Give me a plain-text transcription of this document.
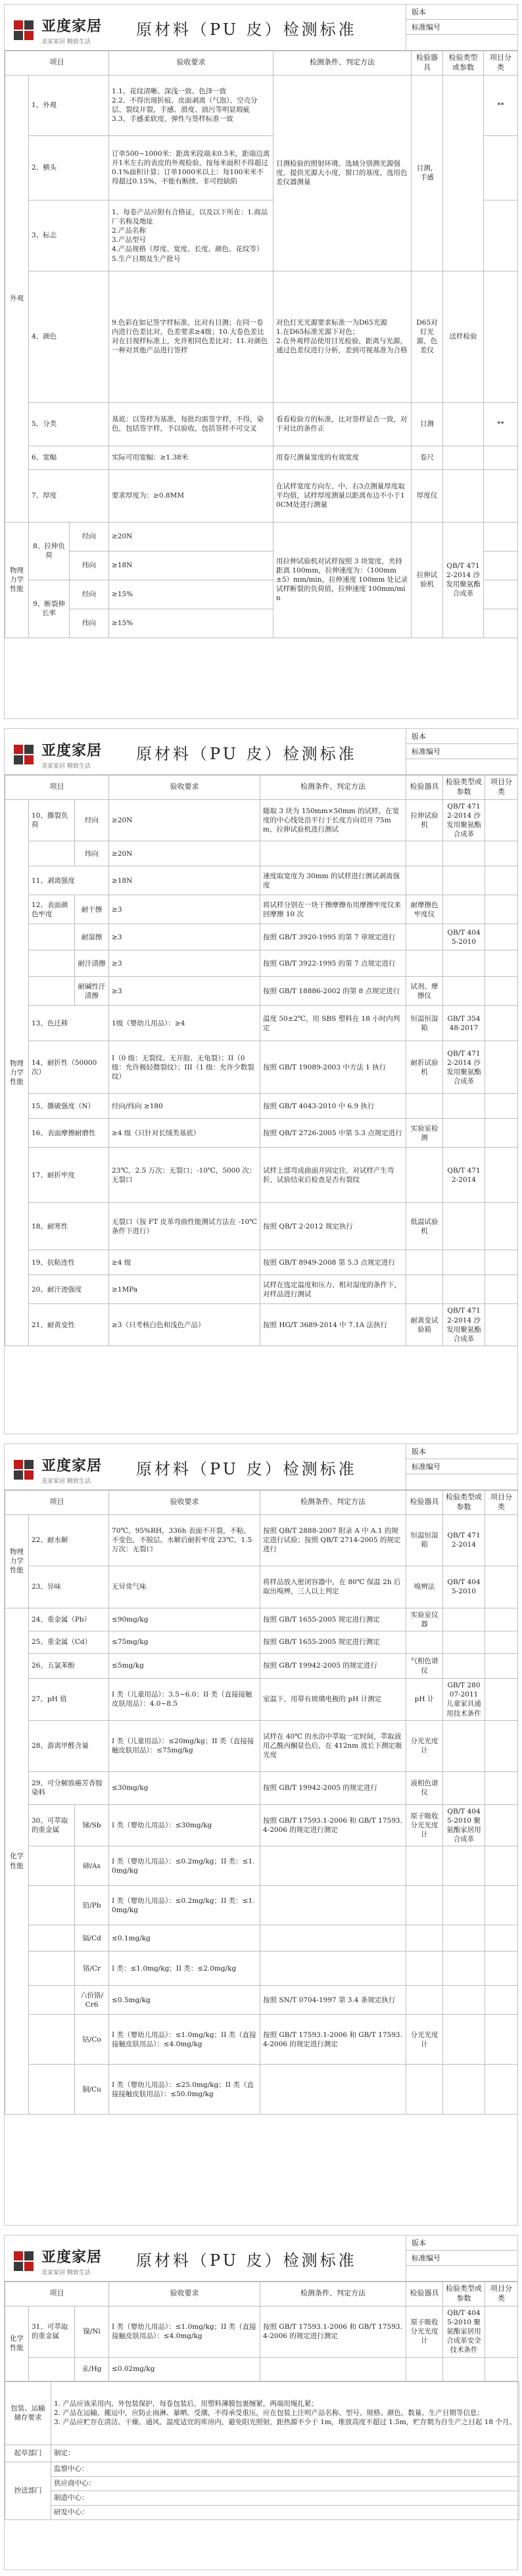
亚度家居
美家家居 精致生活
原材料（PU 皮）检测标准
版本
标准编号
项目			验收要求	检测条件、判定方法	检验器具	检验类型或参数	项目分类
外观	1、外观		1.1、花纹清晰、深浅一致、色泽一致
2.2、不得出现折痕、皮面剥离（气泡）、空壳分层、裂纹开裂，手感、滑度、油污等明显瑕疵
3.3、手感柔软度、弹性与签样标准一致	目测检验的照射环境，选域分别测光源强度，提供光源大小度，窗口的基度，选用色差仪器测量	目测，手感		**
	2、横头		订单500~1000米：距离米段端末0.5米，距端边离开1米左右的表皮的外观检验，按每米面积不得超过0.1%面积计算；订单1000米以上：每100米米不得超过0.15%，不能有断续、非可控缺陷				
	3、标志		1、每卷产品应附有合格证，以及以下所在：1.商品厂名称及地址
2.产品名称
3.产品型号
4.产品规格（厚度、宽度、长度、颜色、花纹等）
5.生产日期及生产批号				
	4、颜色		9.色彩在如记签字样标准，比对有目测；在同一卷内进行色差比对，色差要求≥4级；10.大卷色差比对在目视样标准上，允许相同色差比对；11.对颜色一种对其他产品进行签样	对色灯光光源要求标准一为D65光源
1.在D65标准光源下对色；
2.在外观样品使用目光检验，距离与光源，通过色差仪进行分析，差到可视基准为合格	D65对灯光源，色差仪	送样检验	
	5、分类		基底：以签样为基准，每批均需签字样，不得，染色，包括签字样，予以验收，包括签样不可交叉	看看检验方的标准，比对签样是否一致，对于对比的条件正	目测		**
	6、宽幅		实际可用宽幅：≥1.38米	用卷尺测量宽度的有效宽度	卷尺		
	7、厚度		要求厚度为：≥0.8MM	在试样宽度方向左、中、右3点测量厚度取平均值，试样厚度测量以距离布边不小于10CM处进行测量	厚度仪		
物理力学性能	8、拉伸负荷	经向	≥20N	用拉伸试验机对试样按照 3 块宽度，夹持距离 100mm，拉伸速度为：（100mm±5）mm/min，拉伸速度 100mm 处记录试样断裂的负荷值，拉伸速度 100mm/min	拉伸试验机	QB/T 4712-2014 沙发用聚氨酯合成革	
		纬向	≥18N				
	9、断裂伸长率	经向	≥15%				
		纬向	≥15%				
亚度家居
美家家居 精致生活
原材料（PU 皮）检测标准
版本
标准编号
项目			验收要求	检测条件、判定方法	检验器具	检验类型或参数	项目分类
物理力学性能	10、撕裂负荷	经向	≥20N	随取 3 块为 150mm×50mm 的试样，在宽度的中心线处沿平行于长度方向切开 75mm，拉伸试验机进行测试	拉伸试验机	QB/T 4712-2014 沙发用聚氨酯合成革	
		纬向	≥20N				
	11、剥离强度		≥18N	速度取宽度为 30mm 的试样进行测试剥离强度			
	12、表面颜色牢度	耐干擦	≥3	将试样分别在一块干擦摩擦布用摩擦牢度仪来回摩擦 10 次	耐摩擦色牢度仪		
		耐湿擦	≥3	按照 GB/T 3920-1995 的第 7 章规定进行		QB/T 4045-2010	
		耐汗渍擦	≥3	按照 GB/T 3922-1995 的第 7 点规定进行			
		耐碱性汗渍擦	≥3	按照 GB/T 18886-2002 的第 8 点规定进行	试剂、摩擦仪		
	13、色迁移		1级（婴幼儿用品）：≥4	温度 50±2℃，用 SBS 塑料在 18 小时内判定	恒温恒湿箱	GB/T 35448-2017	
	14、耐折性（50000次）		I（0 级：无裂纹、无开胶、无龟裂）；II（0 级：允许极轻微裂纹）；III（1 级：允许少数裂纹）	按照 GB/T 19089-2003 中方法 1 执行	耐折试验机	QB/T 4712-2014 沙发用聚氨酯合成革	
	15、撕破强度（N）		经向/纬向 ≥180	按照 GB/T 4043-2010 中 6.9 执行			
	16、表面摩擦耐磨性		≥4 级（只针对长绒类基底）	按照 QB/T 2726-2005 中第 5.3 点规定进行	实验室检测		
	17、耐折牢度		23℃，2.5 万次：无裂口；-10℃，5000 次：无裂口	试样上部弯成曲面并固定住，对试样产生弯折，试验结束后检查是否有裂纹		QB/T 4712-2014	
	18、耐寒性		无裂口（按 FT 皮革弯曲性能测试方法在 -10℃ 条件下进行）	按照 QB/T 2-2012 规定执行	低温试验机		
	19、抗粘连性		≥4 级	按照 GB/T 8949-2008 第 5.3 点规定进行			
	20、耐汗迹强度		≥1MPa	试样在选定温度和压力、相对湿度的条件下，对样品进行测试			
	21、耐黄变性		≥3（只考核白色和浅色产品）	按照 HG/T 3689-2014 中 7.1A 法执行	耐黄变试验箱	QB/T 4712-2014 沙发用聚氨酯合成革	
亚度家居
美家家居 精致生活
原材料（PU 皮）检测标准
版本
标准编号
项目			验收要求	检测条件、判定方法	检验器具	检验类型或参数	项目分类
物理力学性能	22、耐水解		70℃，95%RH，336h 表面不开裂，不粘，不变色，不脱层。水解后耐折牢度 23℃，1.5 万次：无裂口	按照 QB/T 2888-2007 附录 A 中 A.1 的规定进行试验；按照 QB/T 2714-2005 的规定进行	恒温恒湿箱	QB/T 4712-2014	
	23、异味		无异常气味	将样品放入密闭容器中，在 80℃ 保温 2h 后取出嗅辨，三人以上判定	嗅辨法	QB/T 4045-2010	
化学性能	24、重金属（Pb）		≤90mg/kg	按照 GB/T 1655-2005 规定进行测定	实验室仪器		
	25、重金属（Cd）		≤75mg/kg	按照 GB/T 1655-2005 规定进行测定			
	26、五氯苯酚		≤5mg/kg	按照 GB/T 19942-2005 的规定进行	气相色谱仪		
	27、pH 值		I 类（儿童用品）：3.5~6.0；II 类（直接接触皮肤用品）：4.0~8.5	室温下，用带有玻璃电极的 pH 计测定	pH 计	GB/T 28007-2011 儿童家具通用技术条件	
	28、游离甲醛含量		I 类（儿童用品）：≤20mg/kg；II 类（直接接触皮肤用品）：≤75mg/kg	试样在 40℃ 的水浴中萃取一定时间，萃取液用乙酰丙酮显色后，在 412nm 波长下测定吸光度	分光光度计		
	29、可分解致癌芳香胺染料		≤30mg/kg	按照 GB/T 19942-2005 的规定进行	液相色谱仪		
	30、可萃取的重金属	锑/Sb	I 类（婴幼儿用品）：≤30mg/kg	按照 GB/T 17593.1-2006 和 GB/T 17593.4-2006 的规定进行测定	原子吸收分光光度计	QB/T 4045-2010 聚氨酯家居用合成革	
		砷/As	I 类（婴幼儿用品）：≤0.2mg/kg；II 类：≤1.0mg/kg				
		铅/Pb	I 类（婴幼儿用品）：≤0.2mg/kg；II 类：≤1.0mg/kg				
		镉/Cd	≤0.1mg/kg				
		铬/Cr	I 类：≤1.0mg/kg；II 类：≤2.0mg/kg				
		六价铬/Cr6	≤0.5mg/kg	按照 SN/T 0704-1997 第 3.4 条规定执行			
		钴/Co	I 类（婴幼儿用品）：≤1.0mg/kg；II 类（直接接触皮肤用品）：≤4.0mg/kg	按照 GB/T 17593.1-2006 和 GB/T 17593.4-2006 的规定进行测定	分光光度计		
		铜/Cu	I 类（婴幼儿用品）：≤25.0mg/kg；II 类（直接接触皮肤用品）：≤50.0mg/kg				
亚度家居
美家家居 精致生活
原材料（PU 皮）检测标准
版本
标准编号
项目			验收要求	检测条件、判定方法	检验器具	检验类型或参数	项目分类
化学性能	31、可萃取的重金属	镍/Ni	I 类（婴幼儿用品）：≤1.0mg/kg；II 类（直接接触皮肤用品）：≤4.0mg/kg	按照 GB/T 17593.1-2006 和 GB/T 17593.4-2006 的规定进行测定	原子吸收分光光度计	QB/T 4045-2010 聚氨酯家居用合成革安全技术条件	
		汞/Hg	≤0.02mg/kg				
包装、运输储存要求	1. 产品应该采用内、外包装保护，每卷包装后，用塑料薄膜包裹缠紧，两端用绳扎紧；
2. 产品在运输、搬运中，应防止雨淋、暴晒、受潮，不得承受重压，应在包装上注明产品名称、型号、规格、颜色、数量、生产日期等信息；
3. 产品应贮存在清洁、干燥、通风、温度适宜的库房内，避免阳光照射，距热源不少于 1m，堆放高度不超过 1.5m，贮存期为自生产之日起 18 个月。
起草部门	制定：
抄送部门	监察中心：
	供应商中心：
	制造中心：
	研发中心：
